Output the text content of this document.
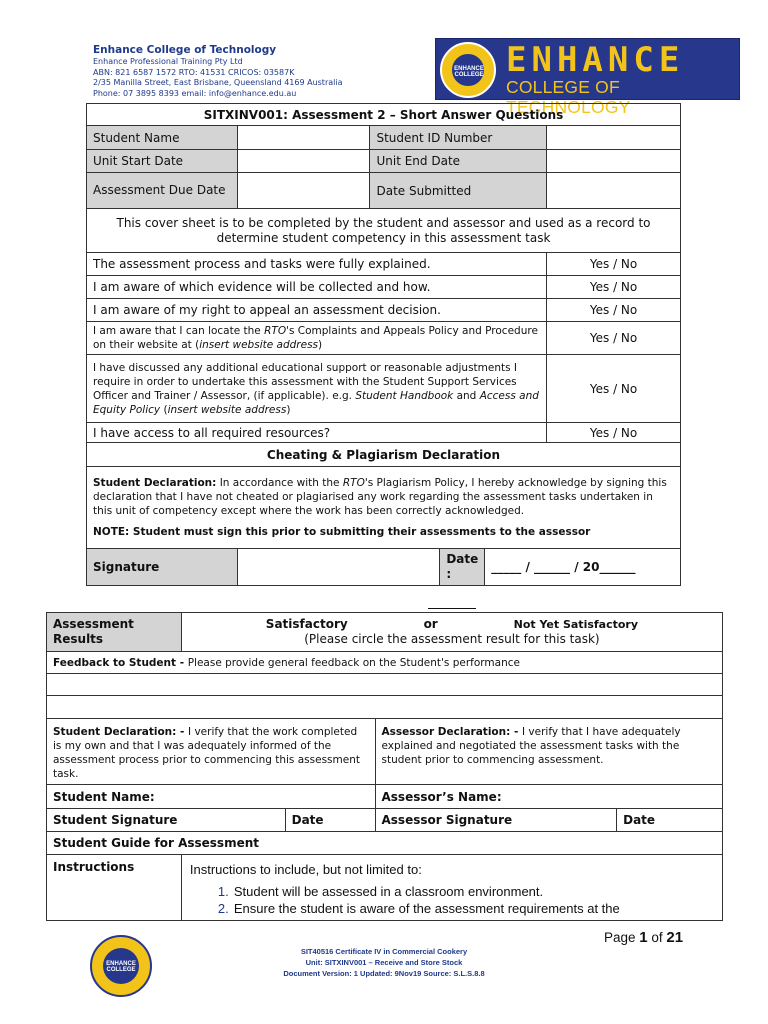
Enhance College of Technology
Enhance Professional Training Pty Ltd
ABN: 821 6587 1572 RTO: 41531 CRICOS: 03587K
2/35 Manilla Street, East Brisbane, Queensland 4169 Australia
Phone: 07 3895 8393 email: info@enhance.edu.au
ENHANCE COLLEGE ENHANCE
COLLEGE OF TECHNOLOGY
SITXINV001: Assessment 2 – Short Answer Questions					
Student Name		Student ID Number			
Unit Start Date		Unit End Date			
Assessment Due Date		Date Submitted			
This cover sheet is to be completed by the student and assessor and used as a record to determine student competency in this assessment task					
The assessment process and tasks were fully explained.					Yes / No
I am aware of which evidence will be collected and how.					Yes / No
I am aware of my right to appeal an assessment decision.					Yes / No
I am aware that I can locate the RTO's Complaints and Appeals Policy and Procedure on their website at (insert website address)					Yes / No
I have discussed any additional educational support or reasonable adjustments I require in order to undertake this assessment with the Student Support Services Officer and Trainer / Assessor, (if applicable). e.g. Student Handbook and Access and Equity Policy (insert website address)					Yes / No
I have access to all required resources?					Yes / No
Cheating & Plagiarism Declaration					
Student Declaration: In accordance with the RTO's Plagiarism Policy, I hereby acknowledge by signing this declaration that I have not cheated or plagiarised any work regarding the assessment tasks undertaken in this unit of competency except where the work has been correctly acknowledged.
NOTE: Student must sign this prior to submitting their assessments to the assessor					

Signature			Date :	_____ / ______ / 20______	
Assessment Results	Satisfactory or Not Yet Satisfactory
(Please circle the assessment result for this task)			

Feedback to Student - Please provide general feedback on the Student's performance				

Student Declaration: - I verify that the work completed is my own and that I was adequately informed of the assessment process prior to commencing this assessment task.			Assessor Declaration: - I verify that I have adequately explained and negotiated the assessment tasks with the student prior to commencing assessment.	
Student Name:			Assessor’s Name:	
Student Signature		Date	Assessor Signature	Date
Student Guide for Assessment				
Instructions	Instructions to include, but not limited to:
1. Student will be assessed in a classroom environment.
2. Ensure the student is aware of the assessment requirements at the			
Page 1 of 21
ENHANCE COLLEGE
SIT40516 Certificate IV in Commercial Cookery
Unit: SITXINV001 – Receive and Store Stock
Document Version: 1 Updated: 9Nov19 Source: S.L.S.8.8
